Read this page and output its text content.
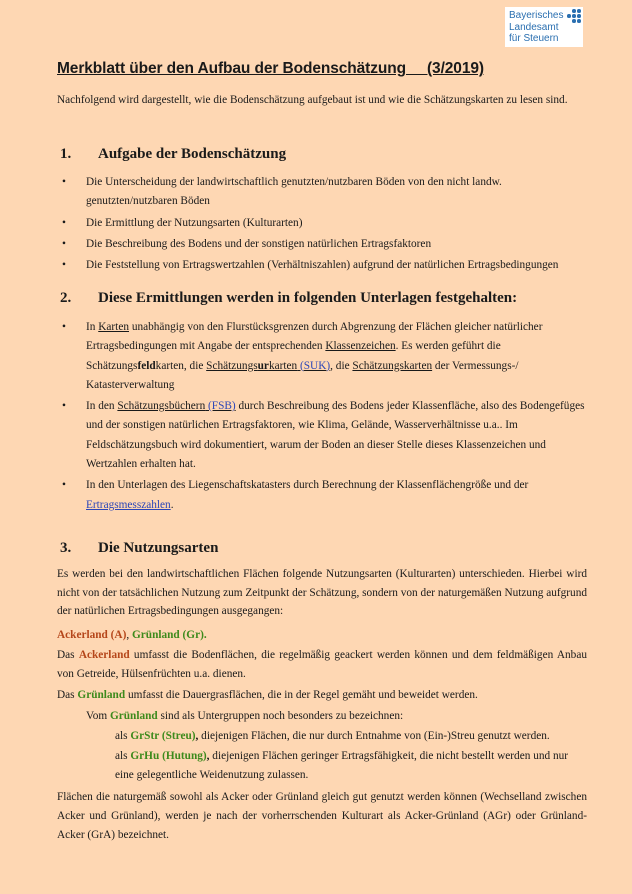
Bayerisches
Landesamt
für Steuern
Merkblatt über den Aufbau der Bodenschätzung     (3/2019)

Nachfolgend wird dargestellt, wie die Bodenschätzung aufgebaut ist und wie die Schätzungskarten zu lesen sind.

1. Aufgabe der Bodenschätzung
• Die Unterscheidung der landwirtschaftlich genutzten/nutzbaren Böden von den nicht landw. genutzten/nutzbaren Böden
• Die Ermittlung der Nutzungsarten (Kulturarten)
• Die Beschreibung des Bodens und der sonstigen natürlichen Ertragsfaktoren
• Die Feststellung von Ertragswertzahlen (Verhältniszahlen) aufgrund der natürlichen Ertragsbedingungen
2. Diese Ermittlungen werden in folgenden Unterlagen festgehalten:
• In Karten unabhängig von den Flurstücksgrenzen durch Abgrenzung der Flächen gleicher natürlicher Ertragsbedingungen mit Angabe der entsprechenden Klassenzeichen. Es werden geführt die Schätzungsfeldkarten, die Schätzungsurkarten (SUK), die Schätzungskarten der Vermessungs-/ Katasterverwaltung
• In den Schätzungsbüchern (FSB) durch Beschreibung des Bodens jeder Klassenfläche, also des Bodengefüges und der sonstigen natürlichen Ertragsfaktoren, wie Klima, Gelände, Wasserverhältnisse u.a.. Im Feldschätzungsbuch wird dokumentiert, warum der Boden an dieser Stelle dieses Klassenzeichen und Wertzahlen erhalten hat.
• In den Unterlagen des Liegenschaftskatasters durch Berechnung der Klassenflächengröße und der Ertragsmesszahlen.
3. Die Nutzungsarten

Es werden bei den landwirtschaftlichen Flächen folgende Nutzungsarten (Kulturarten) unterschieden. Hierbei wird nicht von der tatsächlichen Nutzung zum Zeitpunkt der Schätzung, sondern von der naturgemäßen Nutzung aufgrund der natürlichen Ertragsbedingungen ausgegangen:

Ackerland (A), Grünland (Gr).

Das Ackerland umfasst die Bodenflächen, die regelmäßig geackert werden können und dem feldmäßigen Anbau von Getreide, Hülsenfrüchten u.a. dienen.

Das Grünland umfasst die Dauergrasflächen, die in der Regel gemäht und beweidet werden.

Vom Grünland sind als Untergruppen noch besonders zu bezeichnen:

als GrStr (Streu), diejenigen Flächen, die nur durch Entnahme von (Ein-)Streu genutzt werden.

als GrHu (Hutung), diejenigen Flächen geringer Ertragsfähigkeit, die nicht bestellt werden und nur eine gelegentliche Weidenutzung zulassen.

Flächen die naturgemäß sowohl als Acker oder Grünland gleich gut genutzt werden können (Wechselland zwischen Acker und Grünland), werden je nach der vorherrschenden Kulturart als Acker-Grünland (AGr) oder Grünland-Acker (GrA) bezeichnet.
